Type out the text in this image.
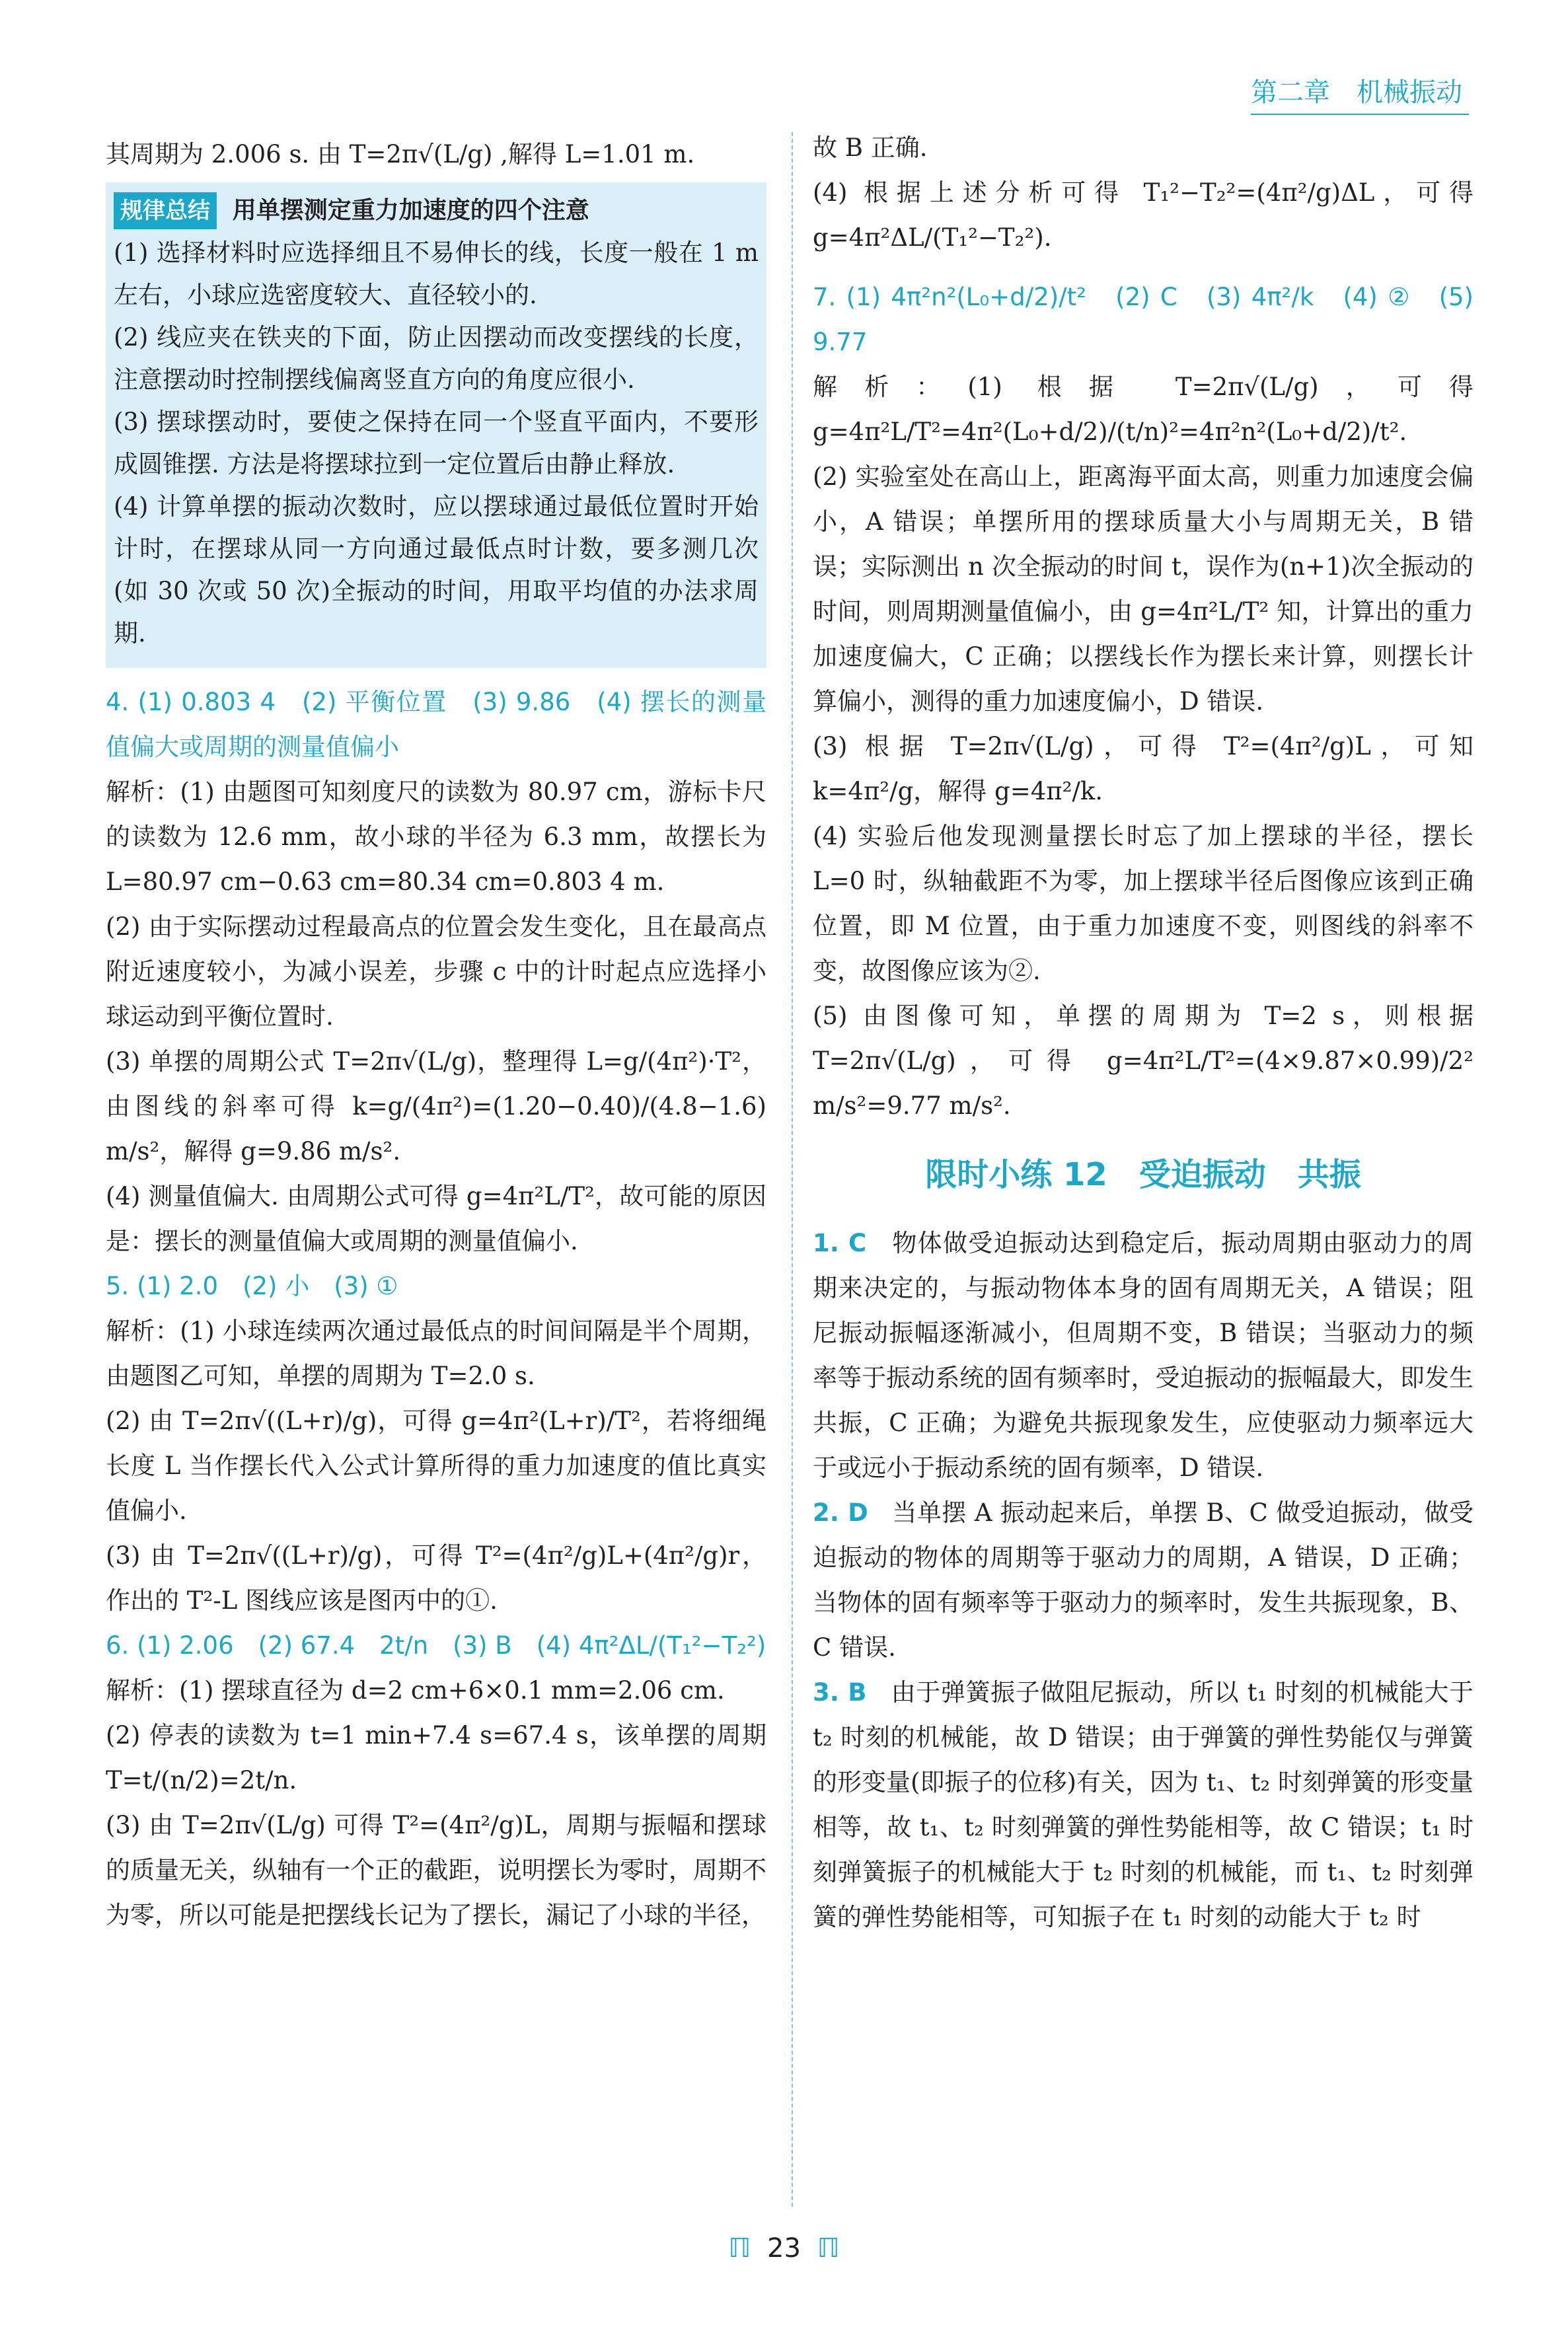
第二章　机械振动

其周期为 2.006 s. 由 T=2π√(L/g) ,解得 L=1.01 m.

规律总结 用单摆测定重力加速度的四个注意

(1) 选择材料时应选择细且不易伸长的线，长度一般在 1 m 左右，小球应选密度较大、直径较小的.

(2) 线应夹在铁夹的下面，防止因摆动而改变摆线的长度，注意摆动时控制摆线偏离竖直方向的角度应很小.

(3) 摆球摆动时，要使之保持在同一个竖直平面内，不要形成圆锥摆. 方法是将摆球拉到一定位置后由静止释放.

(4) 计算单摆的振动次数时，应以摆球通过最低位置时开始计时，在摆球从同一方向通过最低点时计数，要多测几次(如 30 次或 50 次)全振动的时间，用取平均值的办法求周期.

4. (1) 0.803 4　(2) 平衡位置　(3) 9.86　(4) 摆长的测量值偏大或周期的测量值偏小

解析：(1) 由题图可知刻度尺的读数为 80.97 cm，游标卡尺的读数为 12.6 mm，故小球的半径为 6.3 mm，故摆长为 L=80.97 cm−0.63 cm=80.34 cm=0.803 4 m.

(2) 由于实际摆动过程最高点的位置会发生变化，且在最高点附近速度较小，为减小误差，步骤 c 中的计时起点应选择小球运动到平衡位置时.

(3) 单摆的周期公式 T=2π√(L/g)，整理得 L=g/(4π²)·T²，由图线的斜率可得 k=g/(4π²)=(1.20−0.40)/(4.8−1.6) m/s²，解得 g=9.86 m/s².

(4) 测量值偏大. 由周期公式可得 g=4π²L/T²，故可能的原因是：摆长的测量值偏大或周期的测量值偏小.

5. (1) 2.0　(2) 小　(3) ①

解析：(1) 小球连续两次通过最低点的时间间隔是半个周期，由题图乙可知，单摆的周期为 T=2.0 s.

(2) 由 T=2π√((L+r)/g)，可得 g=4π²(L+r)/T²，若将细绳长度 L 当作摆长代入公式计算所得的重力加速度的值比真实值偏小.

(3) 由 T=2π√((L+r)/g)，可得 T²=(4π²/g)L+(4π²/g)r，作出的 T²-L 图线应该是图丙中的①.

6. (1) 2.06　(2) 67.4　2t/n　(3) B　(4) 4π²ΔL/(T₁²−T₂²)

解析：(1) 摆球直径为 d=2 cm+6×0.1 mm=2.06 cm.

(2) 停表的读数为 t=1 min+7.4 s=67.4 s，该单摆的周期 T=t/(n/2)=2t/n.

(3) 由 T=2π√(L/g) 可得 T²=(4π²/g)L，周期与振幅和摆球的质量无关，纵轴有一个正的截距，说明摆长为零时，周期不为零，所以可能是把摆线长记为了摆长，漏记了小球的半径，

故 B 正确.

(4) 根据上述分析可得 T₁²−T₂²=(4π²/g)ΔL，可得 g=4π²ΔL/(T₁²−T₂²).

7. (1) 4π²n²(L₀+d/2)/t²　(2) C　(3) 4π²/k　(4) ②　(5) 9.77

解析：(1) 根据 T=2π√(L/g)，可得 g=4π²L/T²=4π²(L₀+d/2)/(t/n)²=4π²n²(L₀+d/2)/t².

(2) 实验室处在高山上，距离海平面太高，则重力加速度会偏小，A 错误；单摆所用的摆球质量大小与周期无关，B 错误；实际测出 n 次全振动的时间 t，误作为(n+1)次全振动的时间，则周期测量值偏小，由 g=4π²L/T² 知，计算出的重力加速度偏大，C 正确；以摆线长作为摆长来计算，则摆长计算偏小，测得的重力加速度偏小，D 错误.

(3) 根据 T=2π√(L/g)，可得 T²=(4π²/g)L，可知 k=4π²/g，解得 g=4π²/k.

(4) 实验后他发现测量摆长时忘了加上摆球的半径，摆长 L=0 时，纵轴截距不为零，加上摆球半径后图像应该到正确位置，即 M 位置，由于重力加速度不变，则图线的斜率不变，故图像应该为②.

(5) 由图像可知，单摆的周期为 T=2 s，则根据 T=2π√(L/g)，可得 g=4π²L/T²=(4×9.87×0.99)/2² m/s²=9.77 m/s².

限时小练 12　受迫振动　共振

1. C 物体做受迫振动达到稳定后，振动周期由驱动力的周期来决定的，与振动物体本身的固有周期无关，A 错误；阻尼振动振幅逐渐减小，但周期不变，B 错误；当驱动力的频率等于振动系统的固有频率时，受迫振动的振幅最大，即发生共振，C 正确；为避免共振现象发生，应使驱动力频率远大于或远小于振动系统的固有频率，D 错误.

2. D 当单摆 A 振动起来后，单摆 B、C 做受迫振动，做受迫振动的物体的周期等于驱动力的周期，A 错误，D 正确；当物体的固有频率等于驱动力的频率时，发生共振现象，B、C 错误.

3. B 由于弹簧振子做阻尼振动，所以 t₁ 时刻的机械能大于 t₂ 时刻的机械能，故 D 错误；由于弹簧的弹性势能仅与弹簧的形变量(即振子的位移)有关，因为 t₁、t₂ 时刻弹簧的形变量相等，故 t₁、t₂ 时刻弹簧的弹性势能相等，故 C 错误；t₁ 时刻弹簧振子的机械能大于 t₂ 时刻的机械能，而 t₁、t₂ 时刻弹簧的弹性势能相等，可知振子在 t₁ 时刻的动能大于 t₂ 时

ℿ 23 ℿ
